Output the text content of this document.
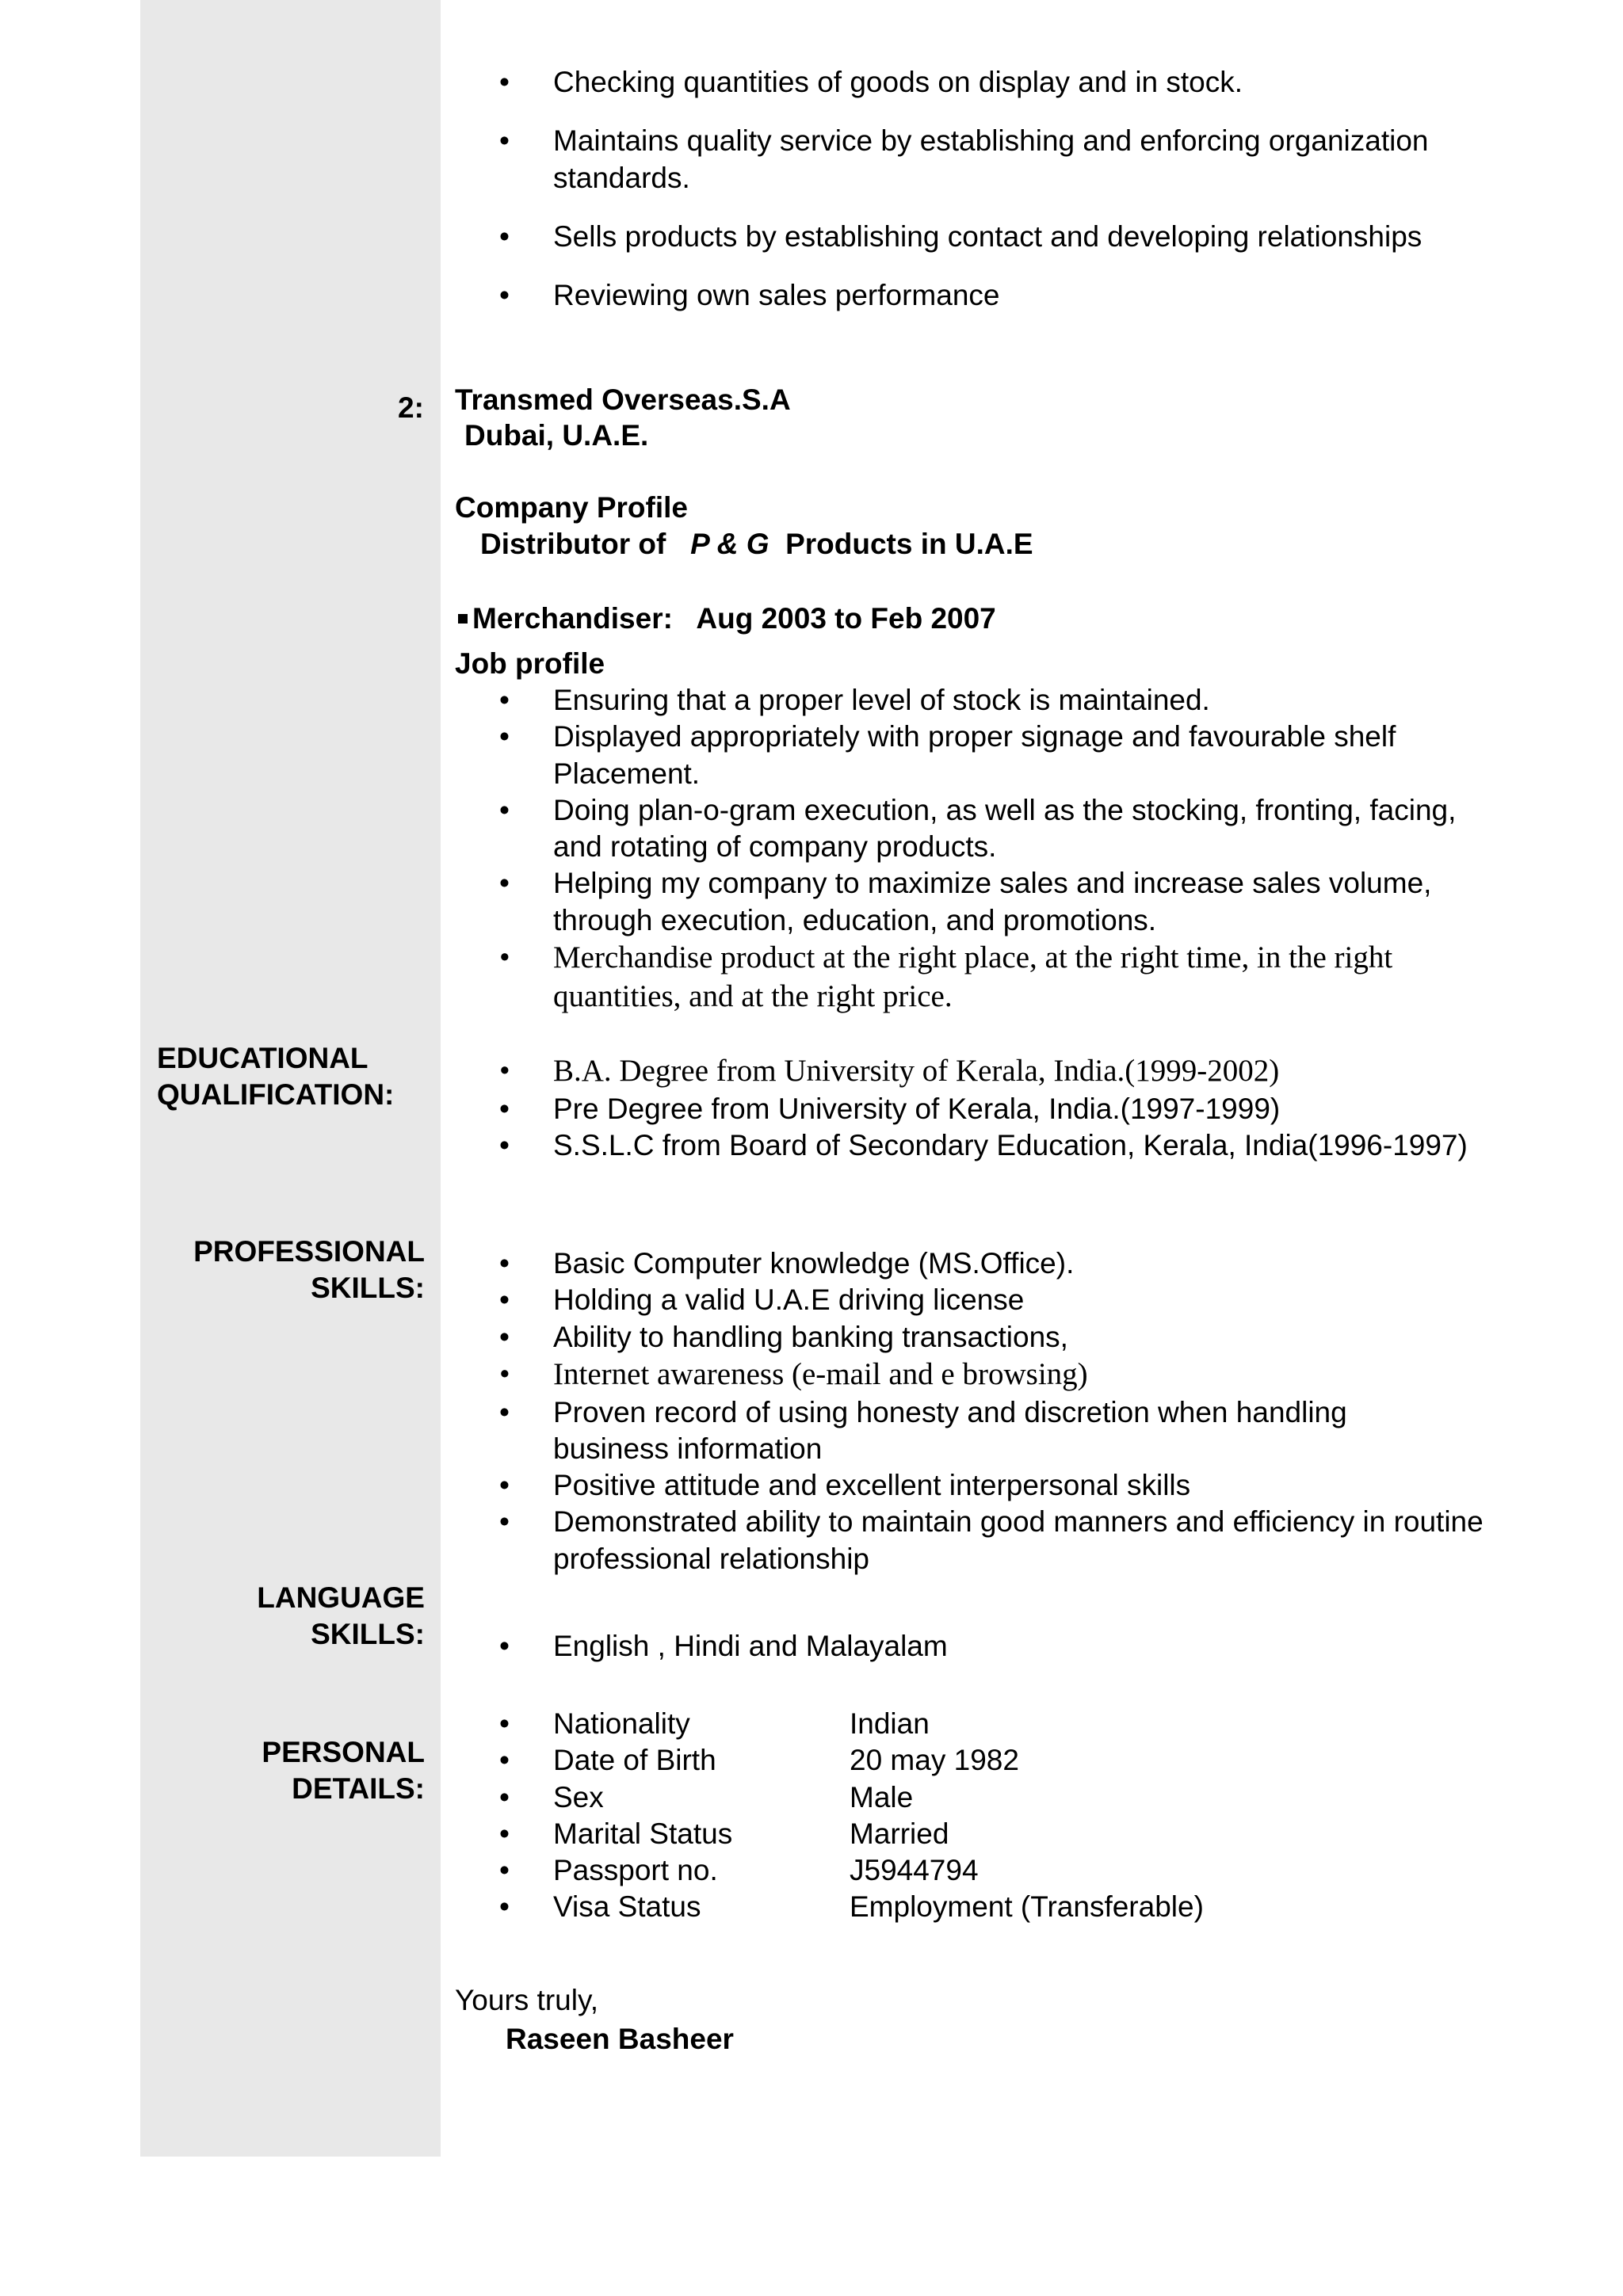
• Checking quantities of goods on display and in stock.
• Maintains quality service by establishing and enforcing organization standards.
• Sells products by establishing contact and developing relationships
• Reviewing own sales performance
2: Transmed Overseas.S.A
Dubai, U.A.E.
Company Profile
Distributor of P & G Products in U.A.E
Merchandiser: Aug 2003 to Feb 2007
Job profile
• Ensuring that a proper level of stock is maintained.
• Displayed appropriately with proper signage and favourable shelf Placement.
• Doing plan-o-gram execution, as well as the stocking, fronting, facing, and rotating of company products.
• Helping my company to maximize sales and increase sales volume, through execution, education, and promotions.
• Merchandise product at the right place, at the right time, in the right quantities, and at the right price.
EDUCATIONAL
QUALIFICATION:
• B.A. Degree from University of Kerala, India.(1999-2002)
• Pre Degree from University of Kerala, India.(1997-1999)
• S.S.L.C from Board of Secondary Education, Kerala, India(1996-1997)
PROFESSIONAL
SKILLS:
• Basic Computer knowledge (MS.Office).
• Holding a valid U.A.E driving license
• Ability to handling banking transactions,
• Internet awareness (e-mail and e browsing)
• Proven record of using honesty and discretion when handling business information
• Positive attitude and excellent interpersonal skills
• Demonstrated ability to maintain good manners and efficiency in routine professional relationship
LANGUAGE
SKILLS:
•	English , Hindi and Malayalam
PERSONAL
DETAILS:
• Nationality	Indian
• Date of Birth	20 may 1982
• Sex	Male
• Marital Status	Married
• Passport no.	J5944794
• Visa Status	Employment (Transferable)
Yours truly,
Raseen Basheer
